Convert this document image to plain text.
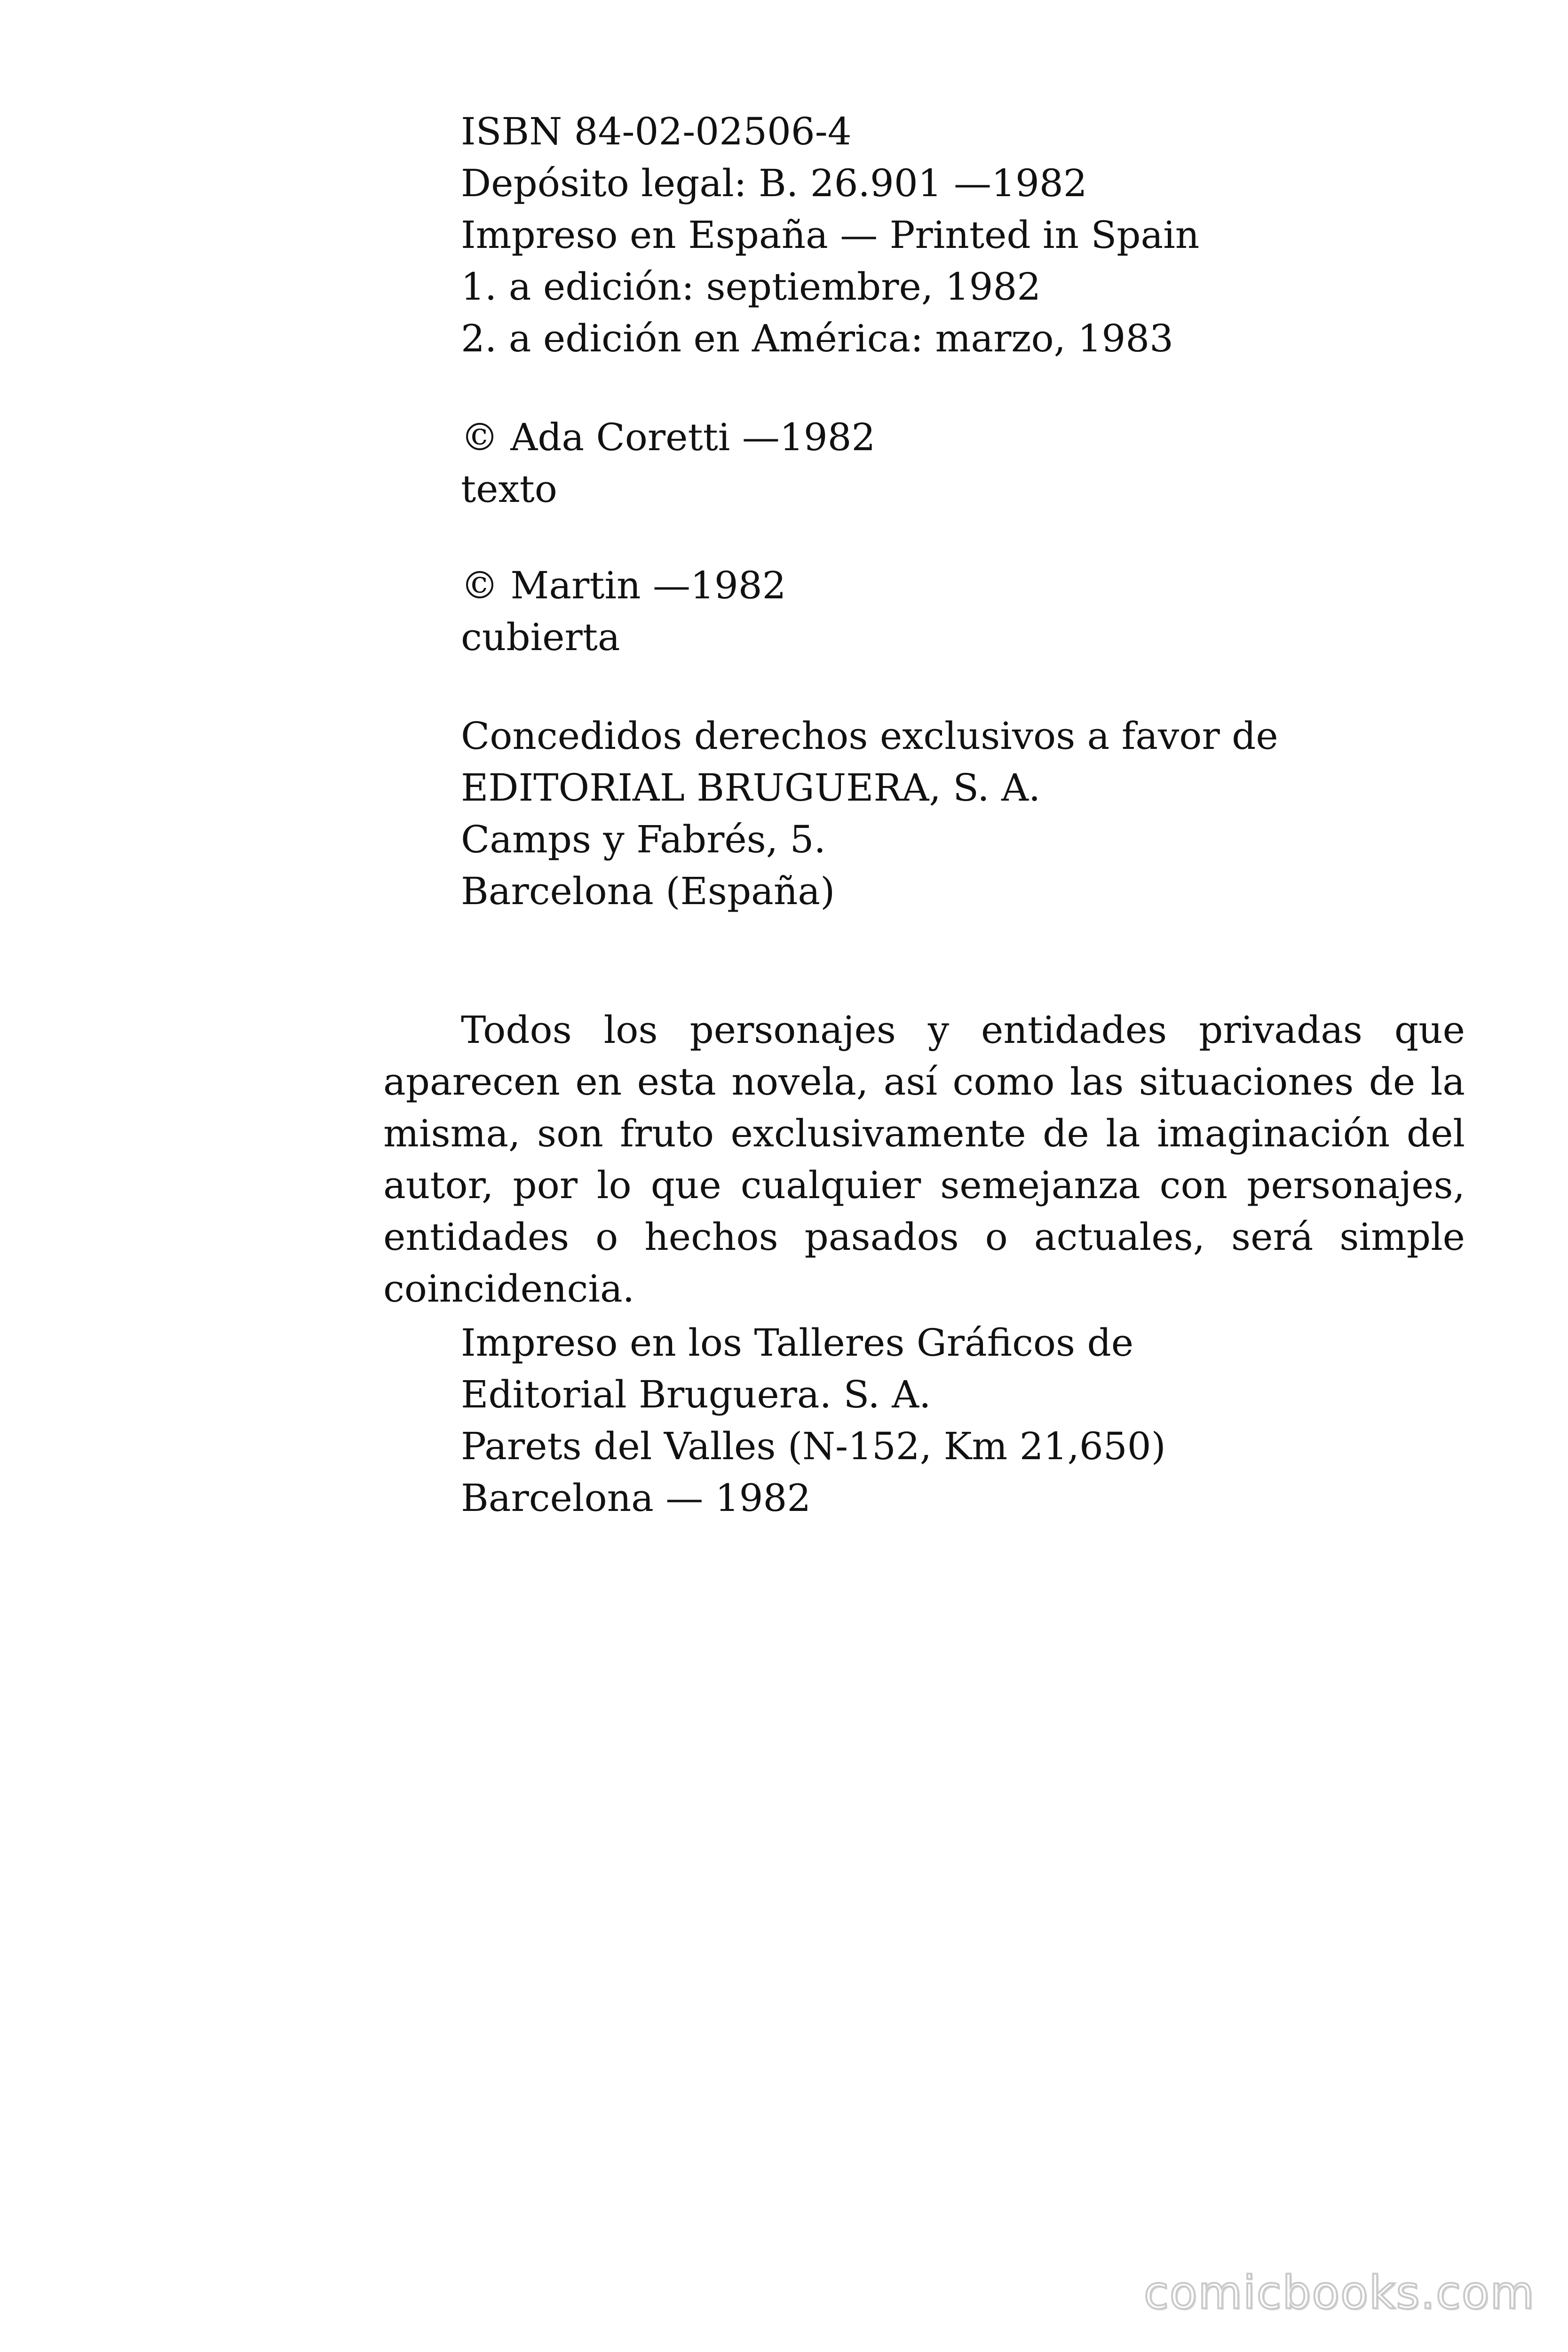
ISBN 84-02-02506-4
Depósito legal: B. 26.901 —1982
Impreso en España — Printed in Spain
1. a edición: septiembre, 1982
2. a edición en América: marzo, 1983
© Ada Coretti —1982
texto
© Martin —1982
cubierta
Concedidos derechos exclusivos a favor de
EDITORIAL BRUGUERA, S. A.
Camps y Fabrés, 5.
Barcelona (España)

Todos los personajes y entidades privadas que aparecen en esta novela, así como las situaciones de la misma, son fruto exclusivamente de la imaginación del autor, por lo que cualquier semejanza con personajes, entidades o hechos pasados o actuales, será simple coincidencia.

Impreso en los Talleres Gráficos de
Editorial Bruguera. S. A.
Parets del Valles (N-152, Km 21,650)
Barcelona — 1982
comicbooks.com
